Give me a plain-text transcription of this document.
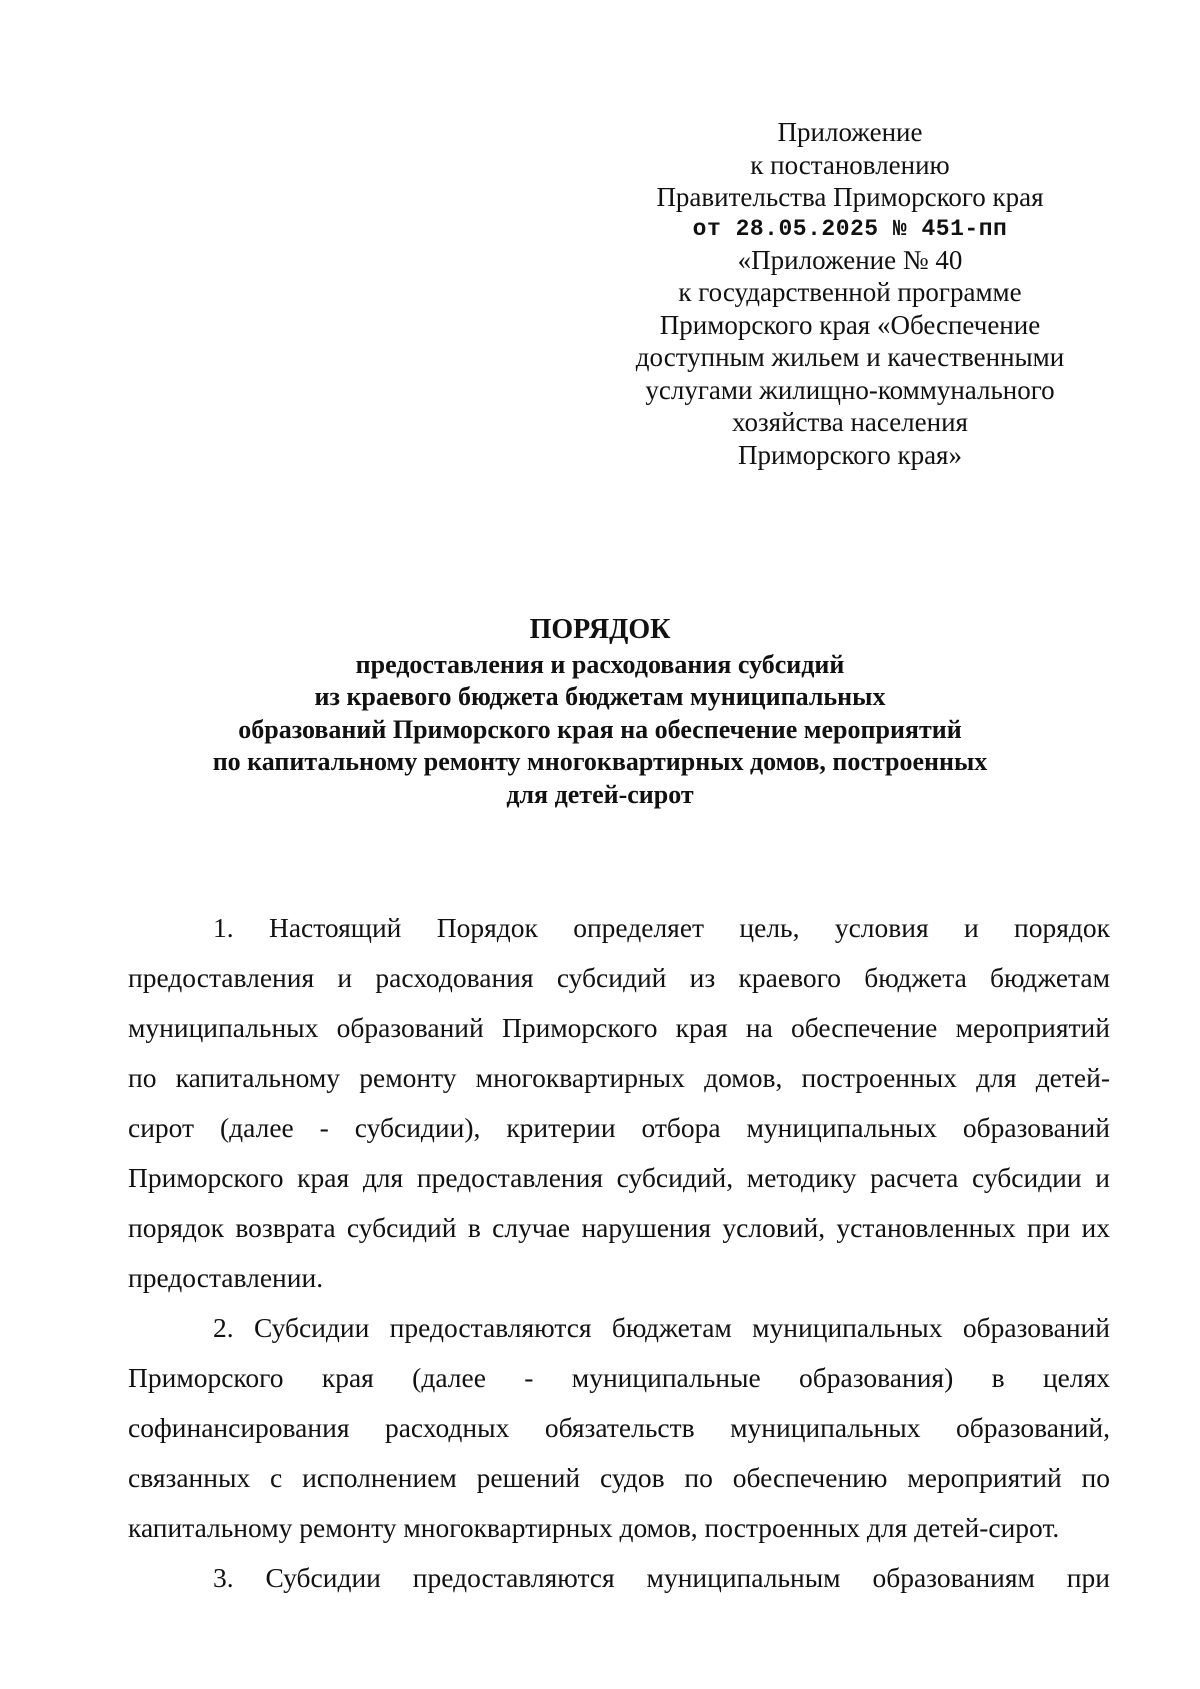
Приложение
к постановлению
Правительства Приморского края
от 28.05.2025 № 451-пп
«Приложение № 40
к государственной программе
Приморского края «Обеспечение
доступным жильем и качественными
услугами жилищно-коммунального
хозяйства населения
Приморского края»
ПОРЯДОК
предоставления и расходования субсидий
из краевого бюджета бюджетам муниципальных
образований Приморского края на обеспечение мероприятий
по капитальному ремонту многоквартирных домов, построенных
для детей-сирот
1. Настоящий Порядок определяет цель, условия и порядок
предоставления и расходования субсидий из краевого бюджета бюджетам
муниципальных образований Приморского края на обеспечение мероприятий
по капитальному ремонту многоквартирных домов, построенных для детей-
сирот (далее - субсидии), критерии отбора муниципальных образований
Приморского края для предоставления субсидий, методику расчета субсидии и
порядок возврата субсидий в случае нарушения условий, установленных при их
предоставлении.
2. Субсидии предоставляются бюджетам муниципальных образований
Приморского края (далее - муниципальные образования) в целях
софинансирования расходных обязательств муниципальных образований,
связанных с исполнением решений судов по обеспечению мероприятий по
капитальному ремонту многоквартирных домов, построенных для детей-сирот.
3. Субсидии предоставляются муниципальным образованиям при
